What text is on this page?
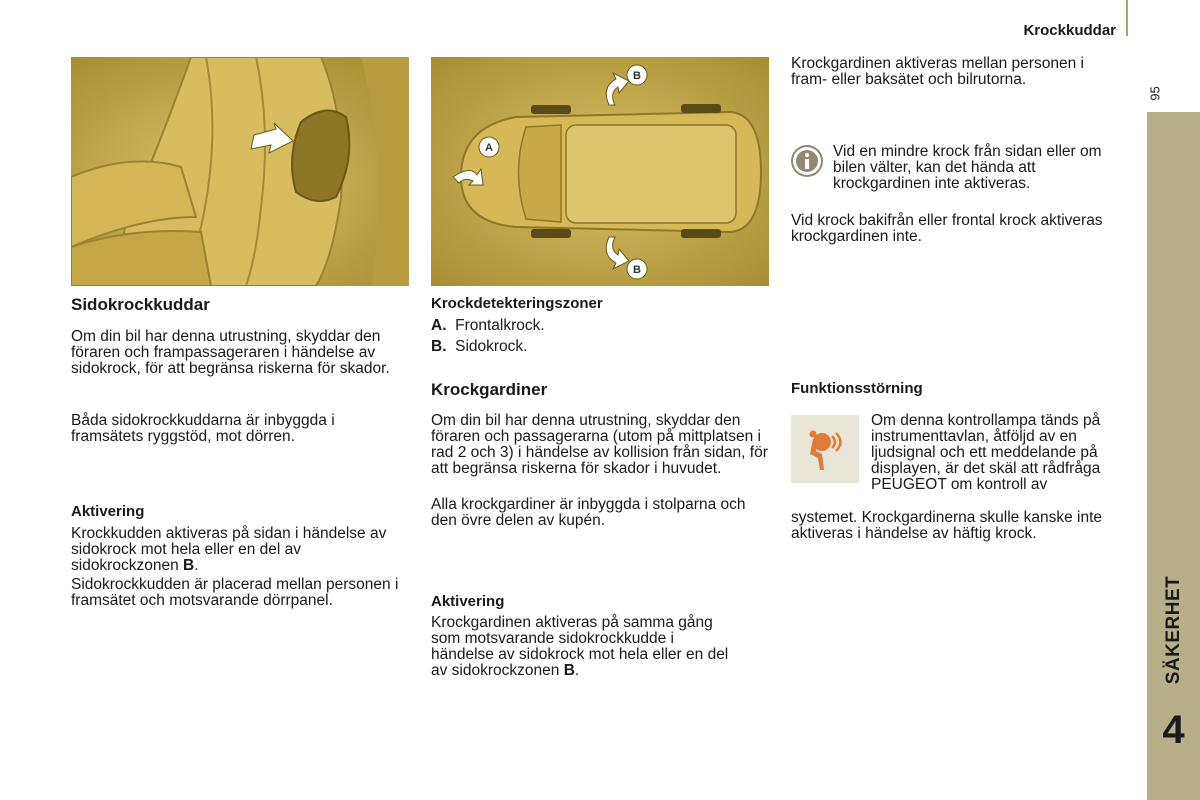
Krockkuddar
95
SÄKERHET
4
Sidokrockkuddar

Om din bil har denna utrustning, skyddar den föraren och frampassageraren i händelse av sidokrock, för att begränsa riskerna för skador.

Båda sidokrockkuddarna är inbyggda i framsätets ryggstöd, mot dörren.

Aktivering

Krockkudden aktiveras på sidan i händelse av sidokrock mot hela eller en del av sidokrockzonen B.

Sidokrockkudden är placerad mellan personen i framsätet och motsvarande dörrpanel.

B
B
A
Krockdetekteringszoner

A. Frontalkrock.

B. Sidokrock.

Krockgardiner

Om din bil har denna utrustning, skyddar den föraren och passagerarna (utom på mittplatsen i rad 2 och 3) i händelse av kollision från sidan, för att begränsa riskerna för skador i huvudet.

Alla krockgardiner är inbyggda i stolparna och den övre delen av kupén.

Aktivering

Krockgardinen aktiveras på samma gång som motsvarande sidokrockkudde i händelse av sidokrock mot hela eller en del av sidokrockzonen B.

Krockgardinen aktiveras mellan personen i fram- eller baksätet och bilrutorna.

Vid en mindre krock från sidan eller om bilen välter, kan det hända att krockgardinen inte aktiveras.

Vid krock bakifrån eller frontal krock aktiveras krockgardinen inte.

Funktionsstörning

Om denna kontrollampa tänds på instrumenttavlan, åtföljd av en ljudsignal och ett meddelande på displayen, är det skäl att rådfråga PEUGEOT om kontroll av

systemet. Krockgardinerna skulle kanske inte aktiveras i händelse av häftig krock.
